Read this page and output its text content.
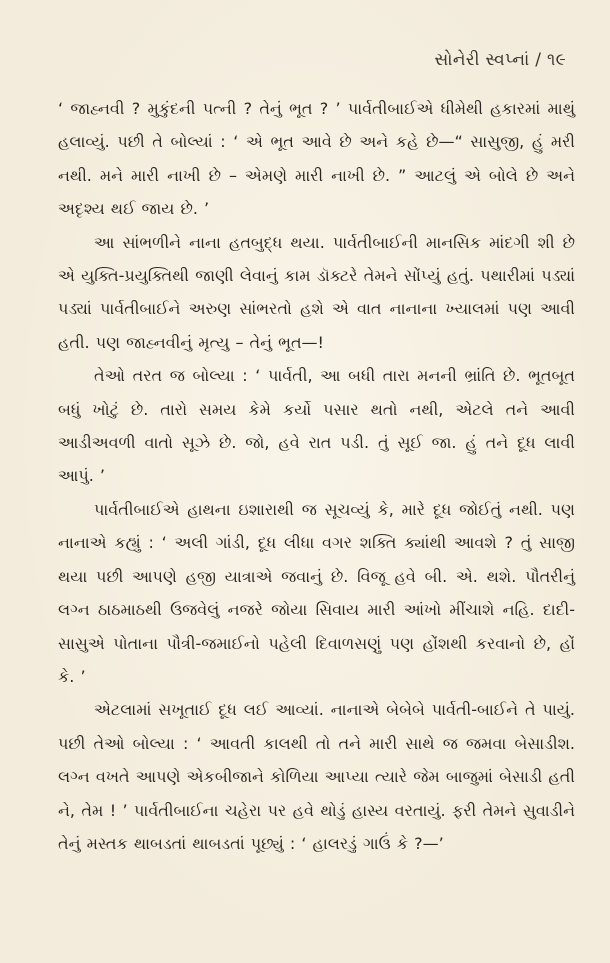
સોનેરી સ્વપ્નાં / ૧૯

‘ જાહ્નવી ? મુકુંદની પત્ની ? તેનું ભૂત ? ’ પાર્વતીબાઈએ ધીમેથી હકારમાં માથું હલાવ્યું. પછી તે બોલ્યાં : ‘ એ ભૂત આવે છે અને કહે છે—“ સાસુજી, હું મરી નથી. મને મારી નાખી છે – એમણે મારી નાખી છે. ” આટલું એ બોલે છે અને અદૃશ્ય થઈ જાય છે. ’

આ સાંભળીને નાના હતબુદ્ધ થયા. પાર્વતીબાઈની માનસિક માંદગી શી છે એ યુક્તિ-પ્રયુક્તિથી જાણી લેવાનું કામ ડૉક્ટરે તેમને સોંપ્યું હતું. પથારીમાં પડ્યાં પડ્યાં પાર્વતીબાઈને અરુણ સાંભરતો હશે એ વાત નાનાના ખ્યાલમાં પણ આવી હતી. પણ જાહ્નવીનું મૃત્યુ – તેનું ભૂત—!

તેઓ તરત જ બોલ્યા : ‘ પાર્વતી, આ બધી તારા મનની ભ્રાંતિ છે. ભૂતબૂત બધું ખોટું છે. તારો સમય કેમે કર્યો પસાર થતો નથી, એટલે તને આવી આડીઅવળી વાતો સૂઝે છે. જો, હવે રાત પડી. તું સૂઈ જા. હું તને દૂધ લાવી આપું. ’

પાર્વતીબાઈએ હાથના ઇશારાથી જ સૂચવ્યું કે, મારે દૂધ જોઈતું નથી. પણ નાનાએ કહ્યું : ‘ અલી ગાંડી, દૂધ લીધા વગર શક્તિ ક્યાંથી આવશે ? તું સાજી થયા પછી આપણે હજી યાત્રાએ જવાનું છે. વિજૂ હવે બી. એ. થશે. પૌતરીનું લગ્ન ઠાઠમાઠથી ઉજવેલું નજરે જોયા સિવાય મારી આંખો મીંચાશે નહિ. દાદી-સાસુએ પોતાના પૌત્રી-જમાઈનો પહેલી દિવાળસણું પણ હોંશથી કરવાનો છે, હોં કે. ’

એટલામાં સખૂતાઈ દૂધ લઈ આવ્યાં. નાનાએ બેબેબે પાર્વતી-બાઈને તે પાયું. પછી તેઓ બોલ્યા : ‘ આવતી કાલથી તો તને મારી સાથે જ જમવા બેસાડીશ. લગ્ન વખતે આપણે એકબીજાને કોળિયા આપ્યા ત્યારે જેમ બાજુમાં બેસાડી હતી ને, તેમ ! ’ પાર્વતીબાઈના ચહેરા પર હવે થોડું હાસ્ય વરતાયું. ફરી તેમને સુવાડીને તેનું મસ્તક થાબડતાં થાબડતાં પૂછ્યું : ‘ હાલરડું ગાઉં કે ?—’
